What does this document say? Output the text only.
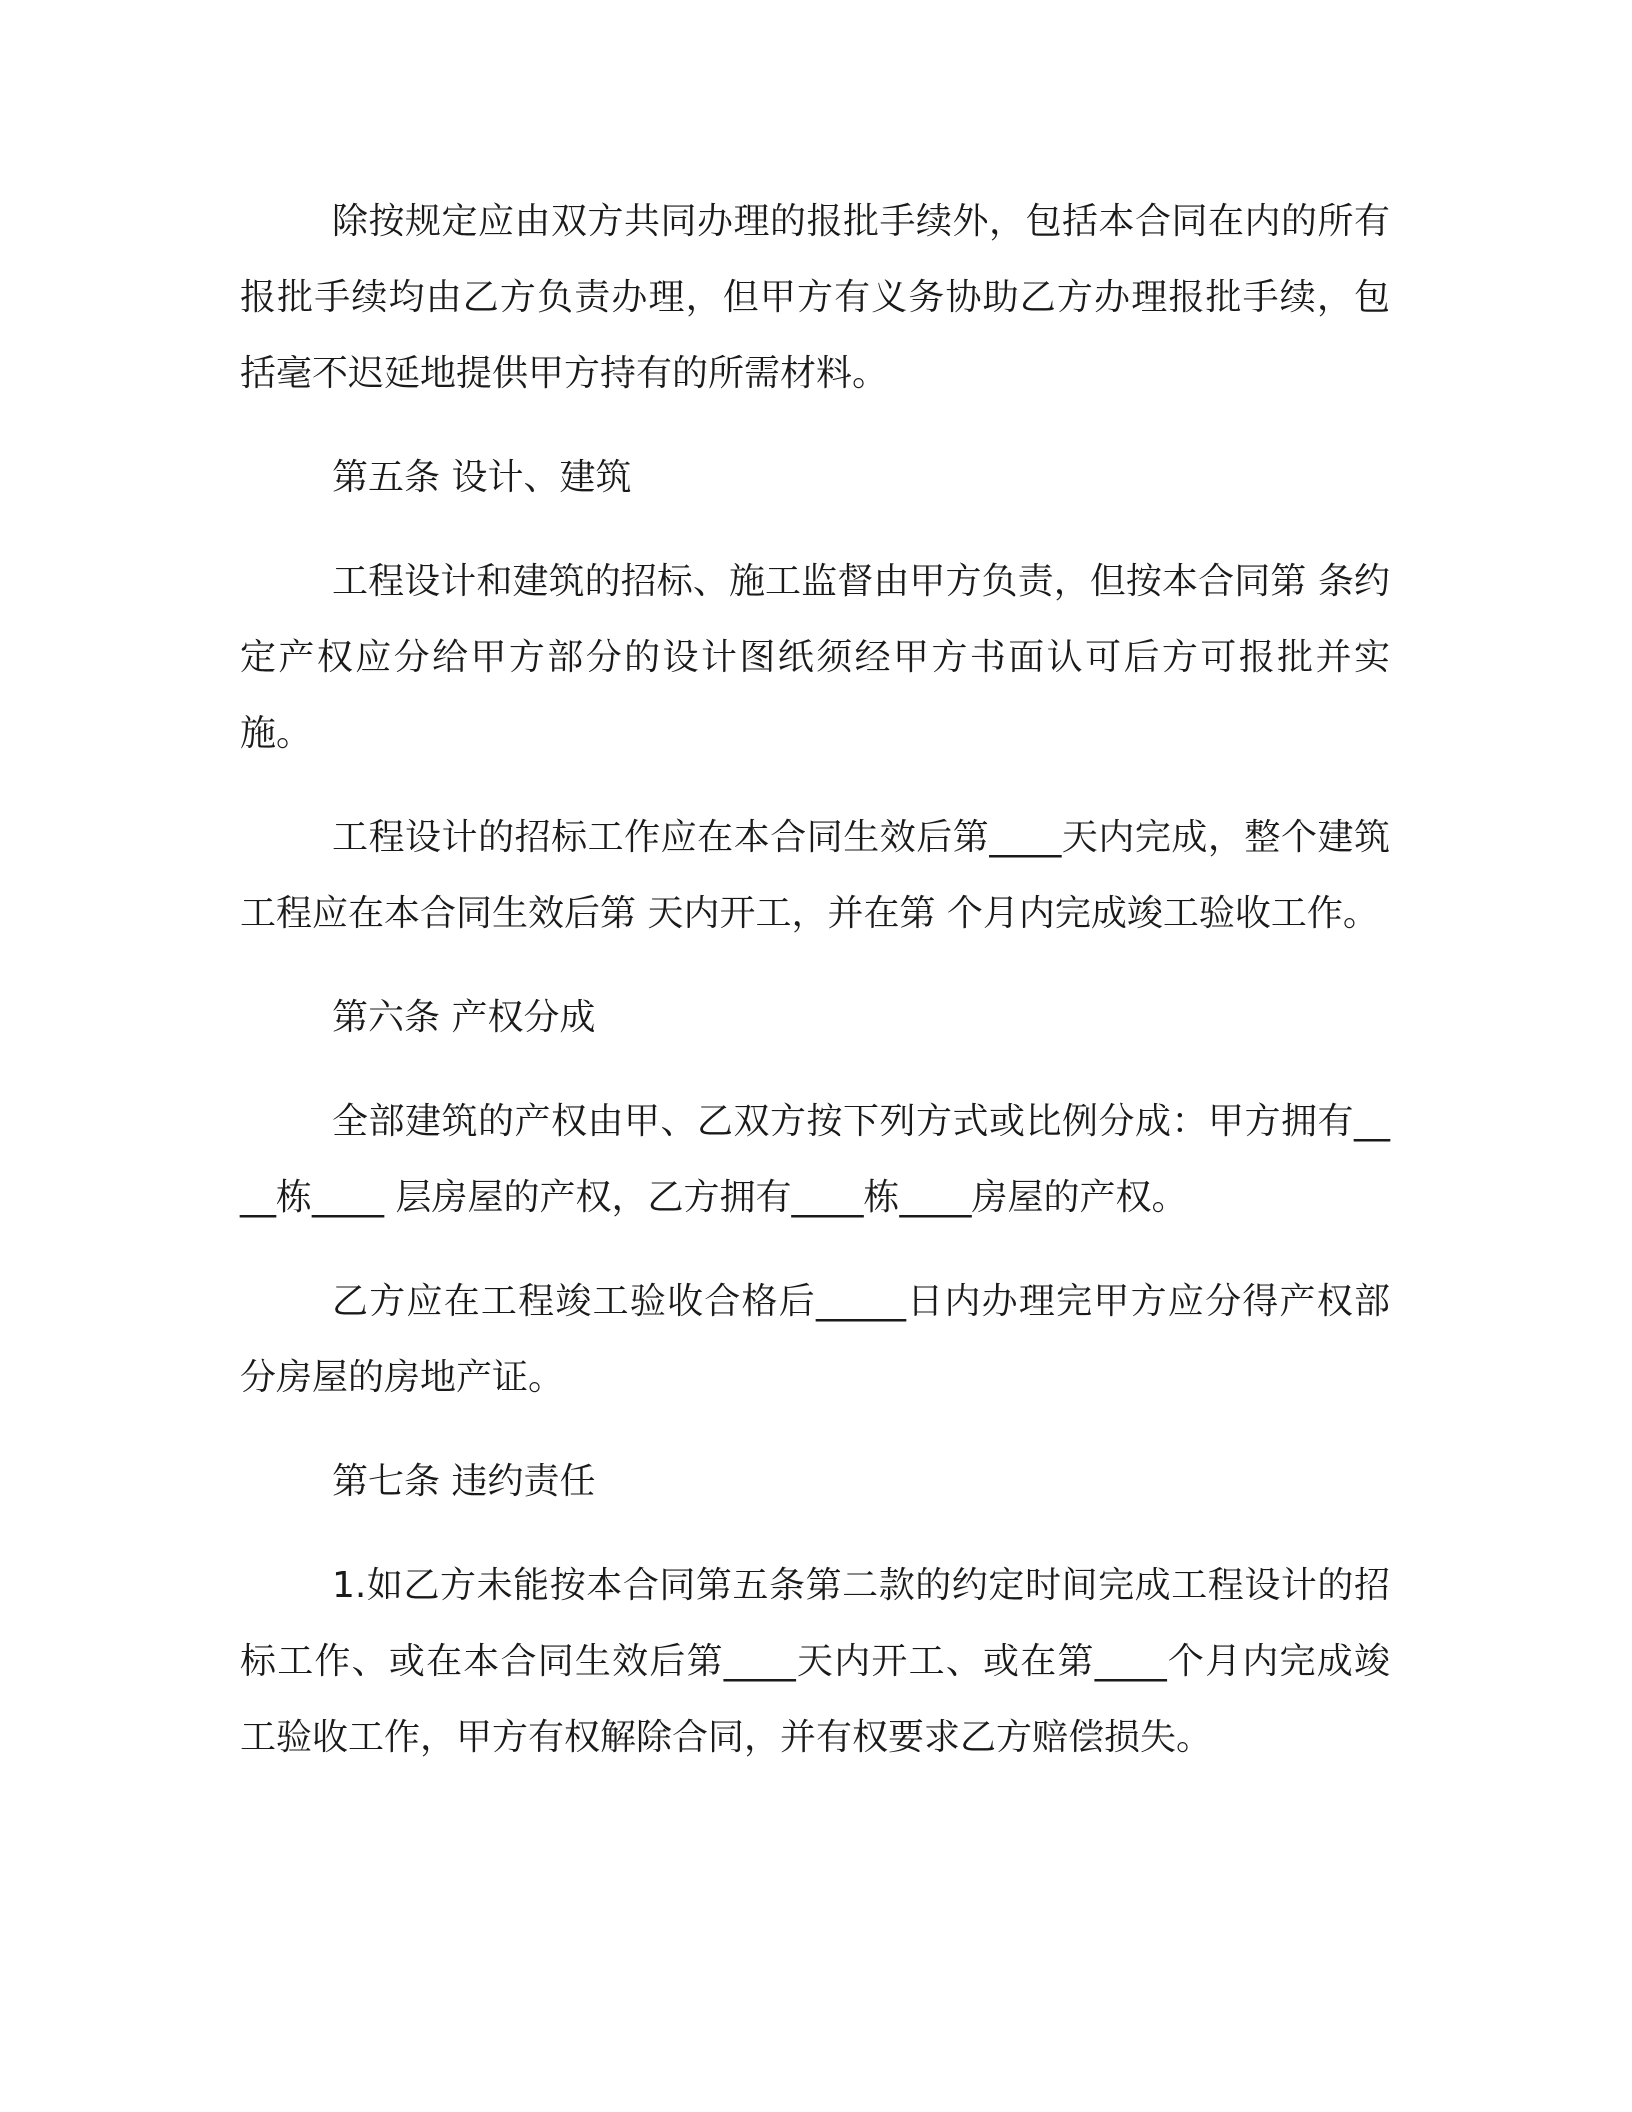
除按规定应由双方共同办理的报批手续外，包括本合同在内的所有报批手续均由乙方负责办理，但甲方有义务协助乙方办理报批手续，包括毫不迟延地提供甲方持有的所需材料。

第五条 设计、建筑

工程设计和建筑的招标、施工监督由甲方负责，但按本合同第 条约定产权应分给甲方部分的设计图纸须经甲方书面认可后方可报批并实施。

工程设计的招标工作应在本合同生效后第____天内完成，整个建筑工程应在本合同生效后第 天内开工，并在第 个月内完成竣工验收工作。

第六条 产权分成

全部建筑的产权由甲、乙双方按下列方式或比例分成：甲方拥有____栋____ 层房屋的产权，乙方拥有____栋____房屋的产权。

乙方应在工程竣工验收合格后_____日内办理完甲方应分得产权部分房屋的房地产证。

第七条 违约责任

1.如乙方未能按本合同第五条第二款的约定时间完成工程设计的招标工作、或在本合同生效后第____天内开工、或在第____个月内完成竣工验收工作，甲方有权解除合同，并有权要求乙方赔偿损失。
